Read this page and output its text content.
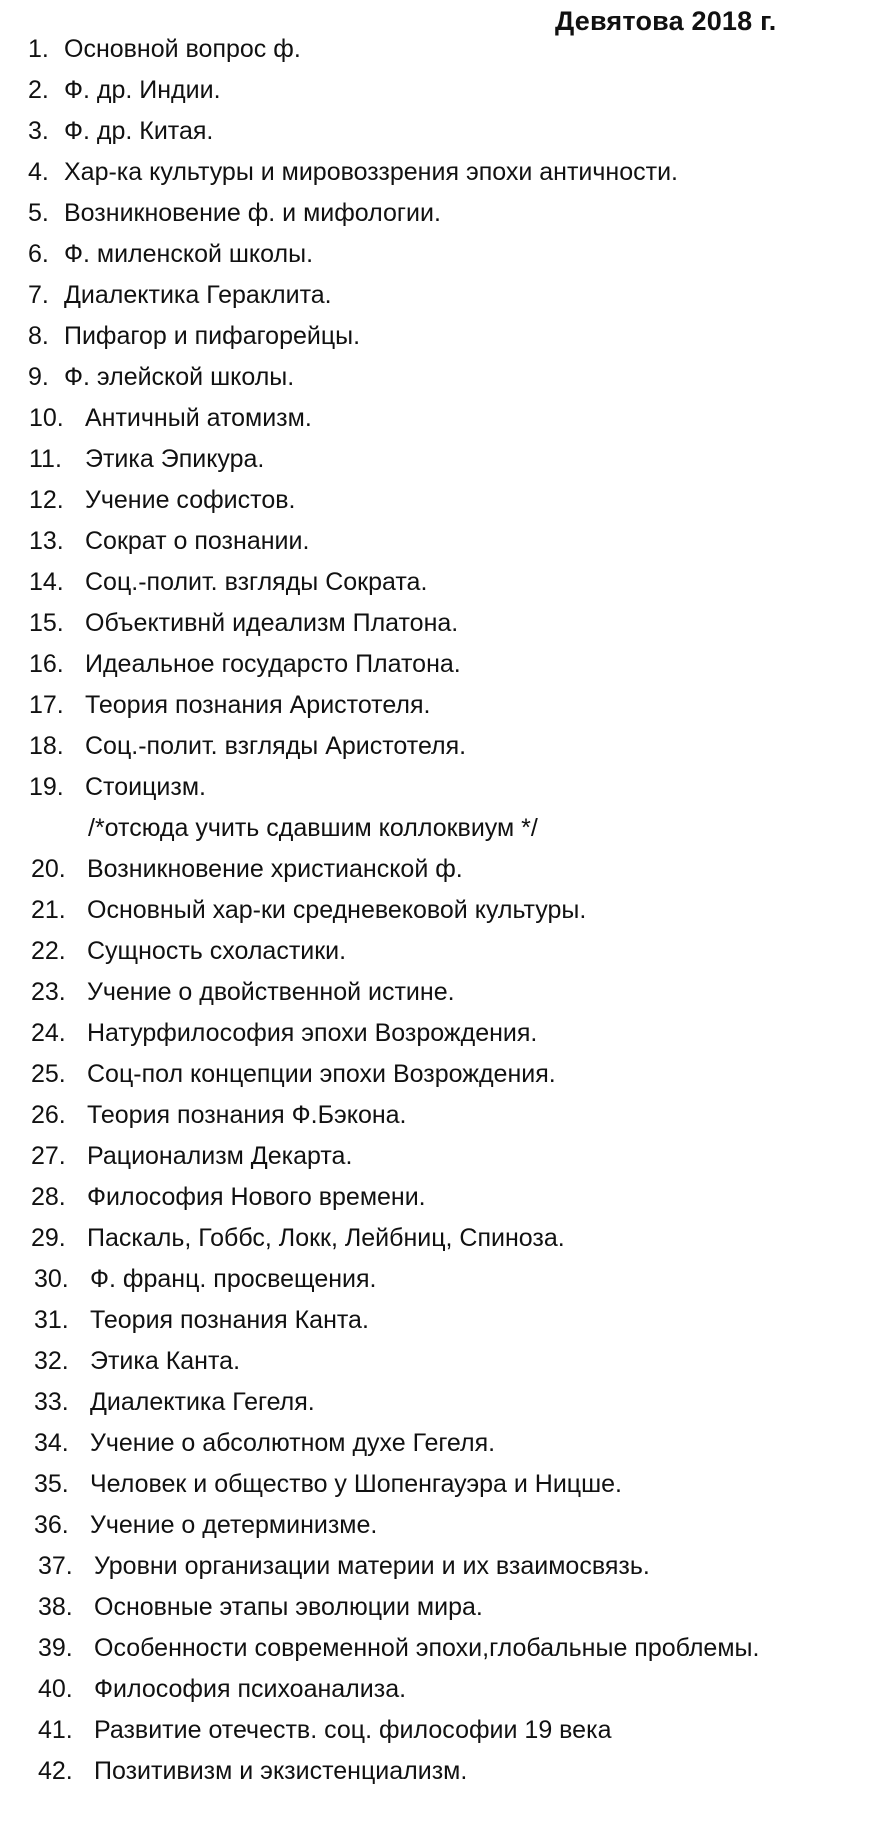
Девятова 2018 г.
1. Основной вопрос ф.
2. Ф. др. Индии.
3. Ф. др. Китая.
4. Хар-ка культуры и мировоззрения эпохи античности.
5. Возникновение ф. и мифологии.
6. Ф. миленской школы.
7. Диалектика Гераклита.
8. Пифагор и пифагорейцы.
9. Ф. элейской школы.
10. Античный атомизм.
11. Этика Эпикура.
12. Учение софистов.
13. Сократ о познании.
14. Соц.-полит. взгляды Сократа.
15. Объективнй идеализм Платона.
16. Идеальное государсто Платона.
17. Теория познания Аристотеля.
18. Соц.-полит. взгляды Аристотеля.
19. Стоицизм.
/*отсюда учить сдавшим коллоквиум */
20. Возникновение христианской ф.
21. Основный хар-ки средневековой культуры.
22. Сущность схоластики.
23. Учение о двойственной истине.
24. Натурфилософия эпохи Возрождения.
25. Соц-пол концепции эпохи Возрождения.
26. Теория познания Ф.Бэкона.
27. Рационализм Декарта.
28. Философия Нового времени.
29. Паскаль, Гоббс, Локк, Лейбниц, Спиноза.
30. Ф. франц. просвещения.
31. Теория познания Канта.
32. Этика Канта.
33. Диалектика Гегеля.
34. Учение о абсолютном духе Гегеля.
35. Человек и общество у Шопенгауэра и Ницше.
36. Учение о детерминизме.
37. Уровни организации материи и их взаимосвязь.
38. Основные этапы эволюции мира.
39. Особенности современной эпохи,глобальные проблемы.
40. Философия психоанализа.
41. Развитие отечеств. соц. философии 19 века
42. Позитивизм и экзистенциализм.
